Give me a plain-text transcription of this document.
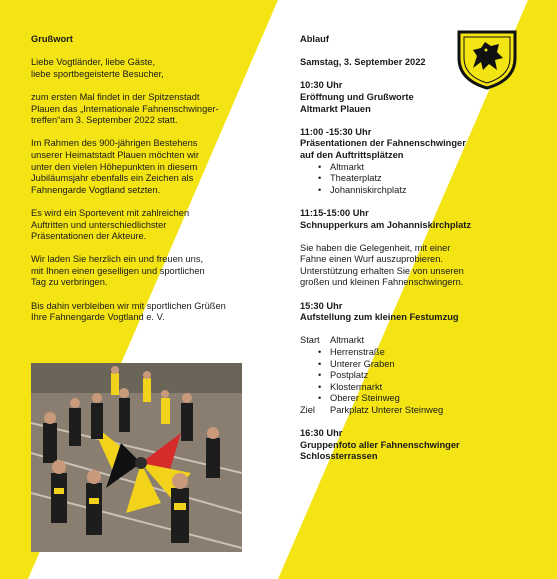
Grußwort
Liebe Vogtländer, liebe Gäste,
liebe sportbegeisterte Besucher,
zum ersten Mal findet in der Spitzenstadt
Plauen das „Internationale Fahnenschwinger-
treffen“am 3. September 2022 statt.
Im Rahmen des 900-jährigen Bestehens
unserer Heimatstadt Plauen möchten wir
unter den vielen Höhepunkten in diesem
Jubiläumsjahr ebenfalls ein Zeichen als
Fahnengarde Vogtland setzten.
Es wird ein Sportevent mit zahlreichen
Auftritten und unterschiedlichster
Präsentationen der Akteure.
Wir laden Sie herzlich ein und freuen uns,
mit Ihnen einen geselligen und sportlichen
Tag zu verbringen.
Bis dahin verbleiben wir mit sportlichen Grüßen
Ihre Fahnengarde Vogtland e. V.
Ablauf
Samstag, 3. September 2022
10:30 Uhr
Eröffnung und Grußworte
Altmarkt Plauen
11:00 -15:30 Uhr
Präsentationen der Fahnenschwinger
auf den Auftrittsplätzen
• Altmarkt
• Theaterplatz
• Johanniskirchplatz
11:15-15:00 Uhr
Schnupperkurs am Johanniskirchplatz
Sie haben die Gelegenheit, mit einer
Fahne einen Wurf auszuprobieren.
Unterstützung erhalten Sie von unseren
großen und kleinen Fahnenschwingern.
15:30 Uhr
Aufstellung zum kleinen Festumzug
Start	Altmarkt
• Herrenstraße
• Unterer Graben
• Postplatz
• Klostermarkt
• Oberer Steinweg
Ziel	Parkplatz Unterer Steinweg
16:30 Uhr
Gruppenfoto aller Fahnenschwinger
Schlossterrassen
